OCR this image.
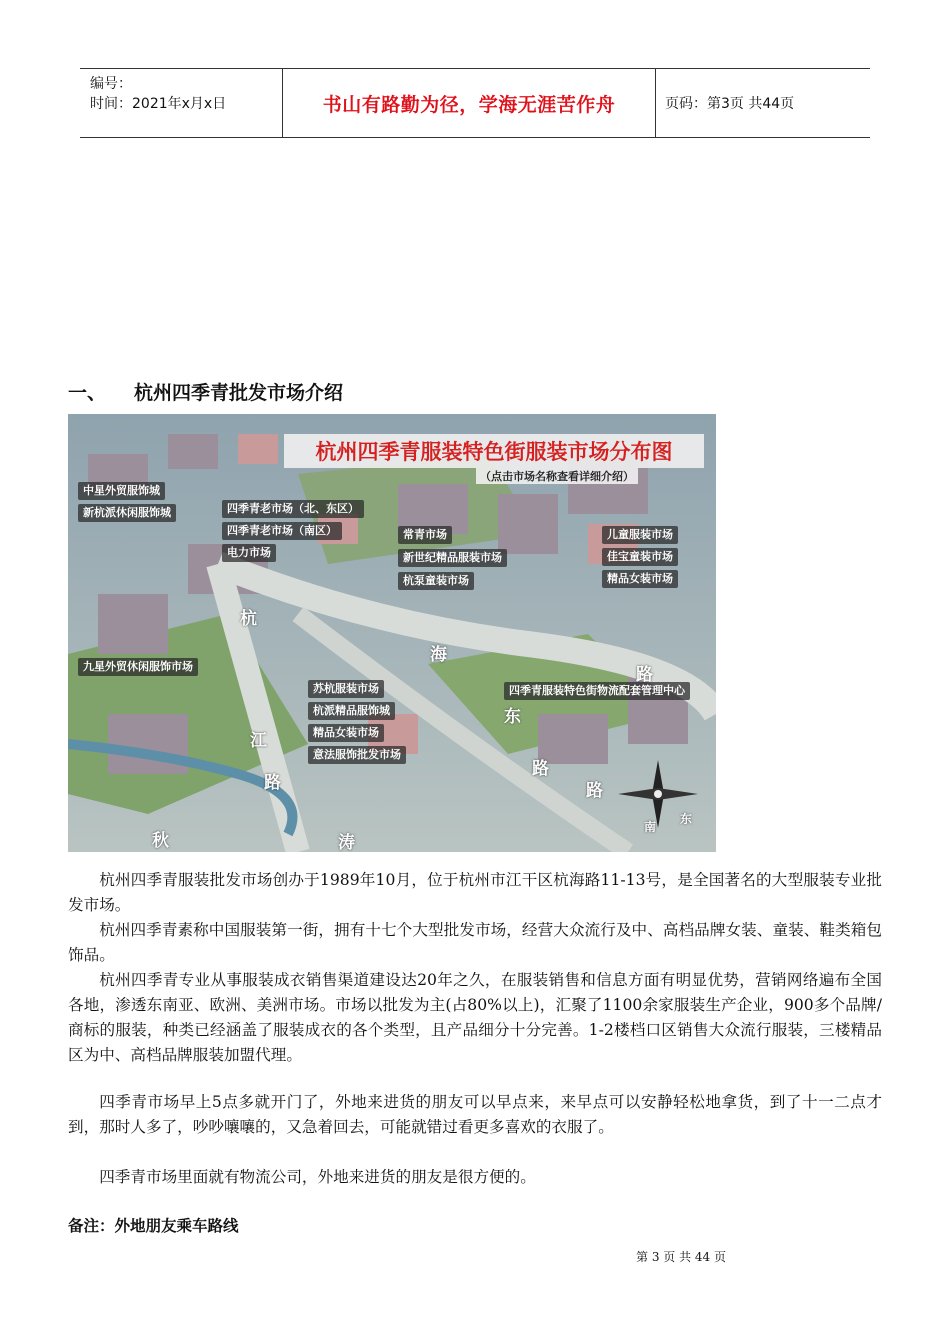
编号：
时间：2021年x月x日	书山有路勤为径，学海无涯苦作舟	页码：第3页 共44页
一、 杭州四季青批发市场介绍
杭州四季青服装特色街服装市场分布图
（点击市场名称查看详细介绍）
中星外贸服饰城
新杭派休闲服饰城	四季青老市场（北、东区）
四季青老市场（南区）
电力市场
常青市场
新世纪精品服装市场
杭泵童装市场
儿童服装市场
佳宝童装市场
精品女装市场
九星外贸休闲服饰市场
苏杭服装市场
杭派精品服饰城
精品女装市场
意法服饰批发市场
四季青服装特色街物流配套管理中心
杭
海
路
东
路
路
秋	涛
江
路
东
南
杭州四季青服装批发市场创办于1989年10月，位于杭州市江干区杭海路11-13号，是全国著名的大型服装专业批发市场。
杭州四季青素称中国服装第一街，拥有十七个大型批发市场，经营大众流行及中、高档品牌女装、童装、鞋类箱包饰品。
杭州四季青专业从事服装成衣销售渠道建设达20年之久，在服装销售和信息方面有明显优势，营销网络遍布全国各地，渗透东南亚、欧洲、美洲市场。市场以批发为主(占80%以上)，汇聚了1100余家服装生产企业，900多个品牌/商标的服装，种类已经涵盖了服装成衣的各个类型，且产品细分十分完善。1-2楼档口区销售大众流行服装，三楼精品区为中、高档品牌服装加盟代理。
四季青市场早上5点多就开门了，外地来进货的朋友可以早点来，来早点可以安静轻松地拿货，到了十一二点才到，那时人多了，吵吵嚷嚷的，又急着回去，可能就错过看更多喜欢的衣服了。
四季青市场里面就有物流公司，外地来进货的朋友是很方便的。
备注：外地朋友乘车路线
第 3 页 共 44 页
